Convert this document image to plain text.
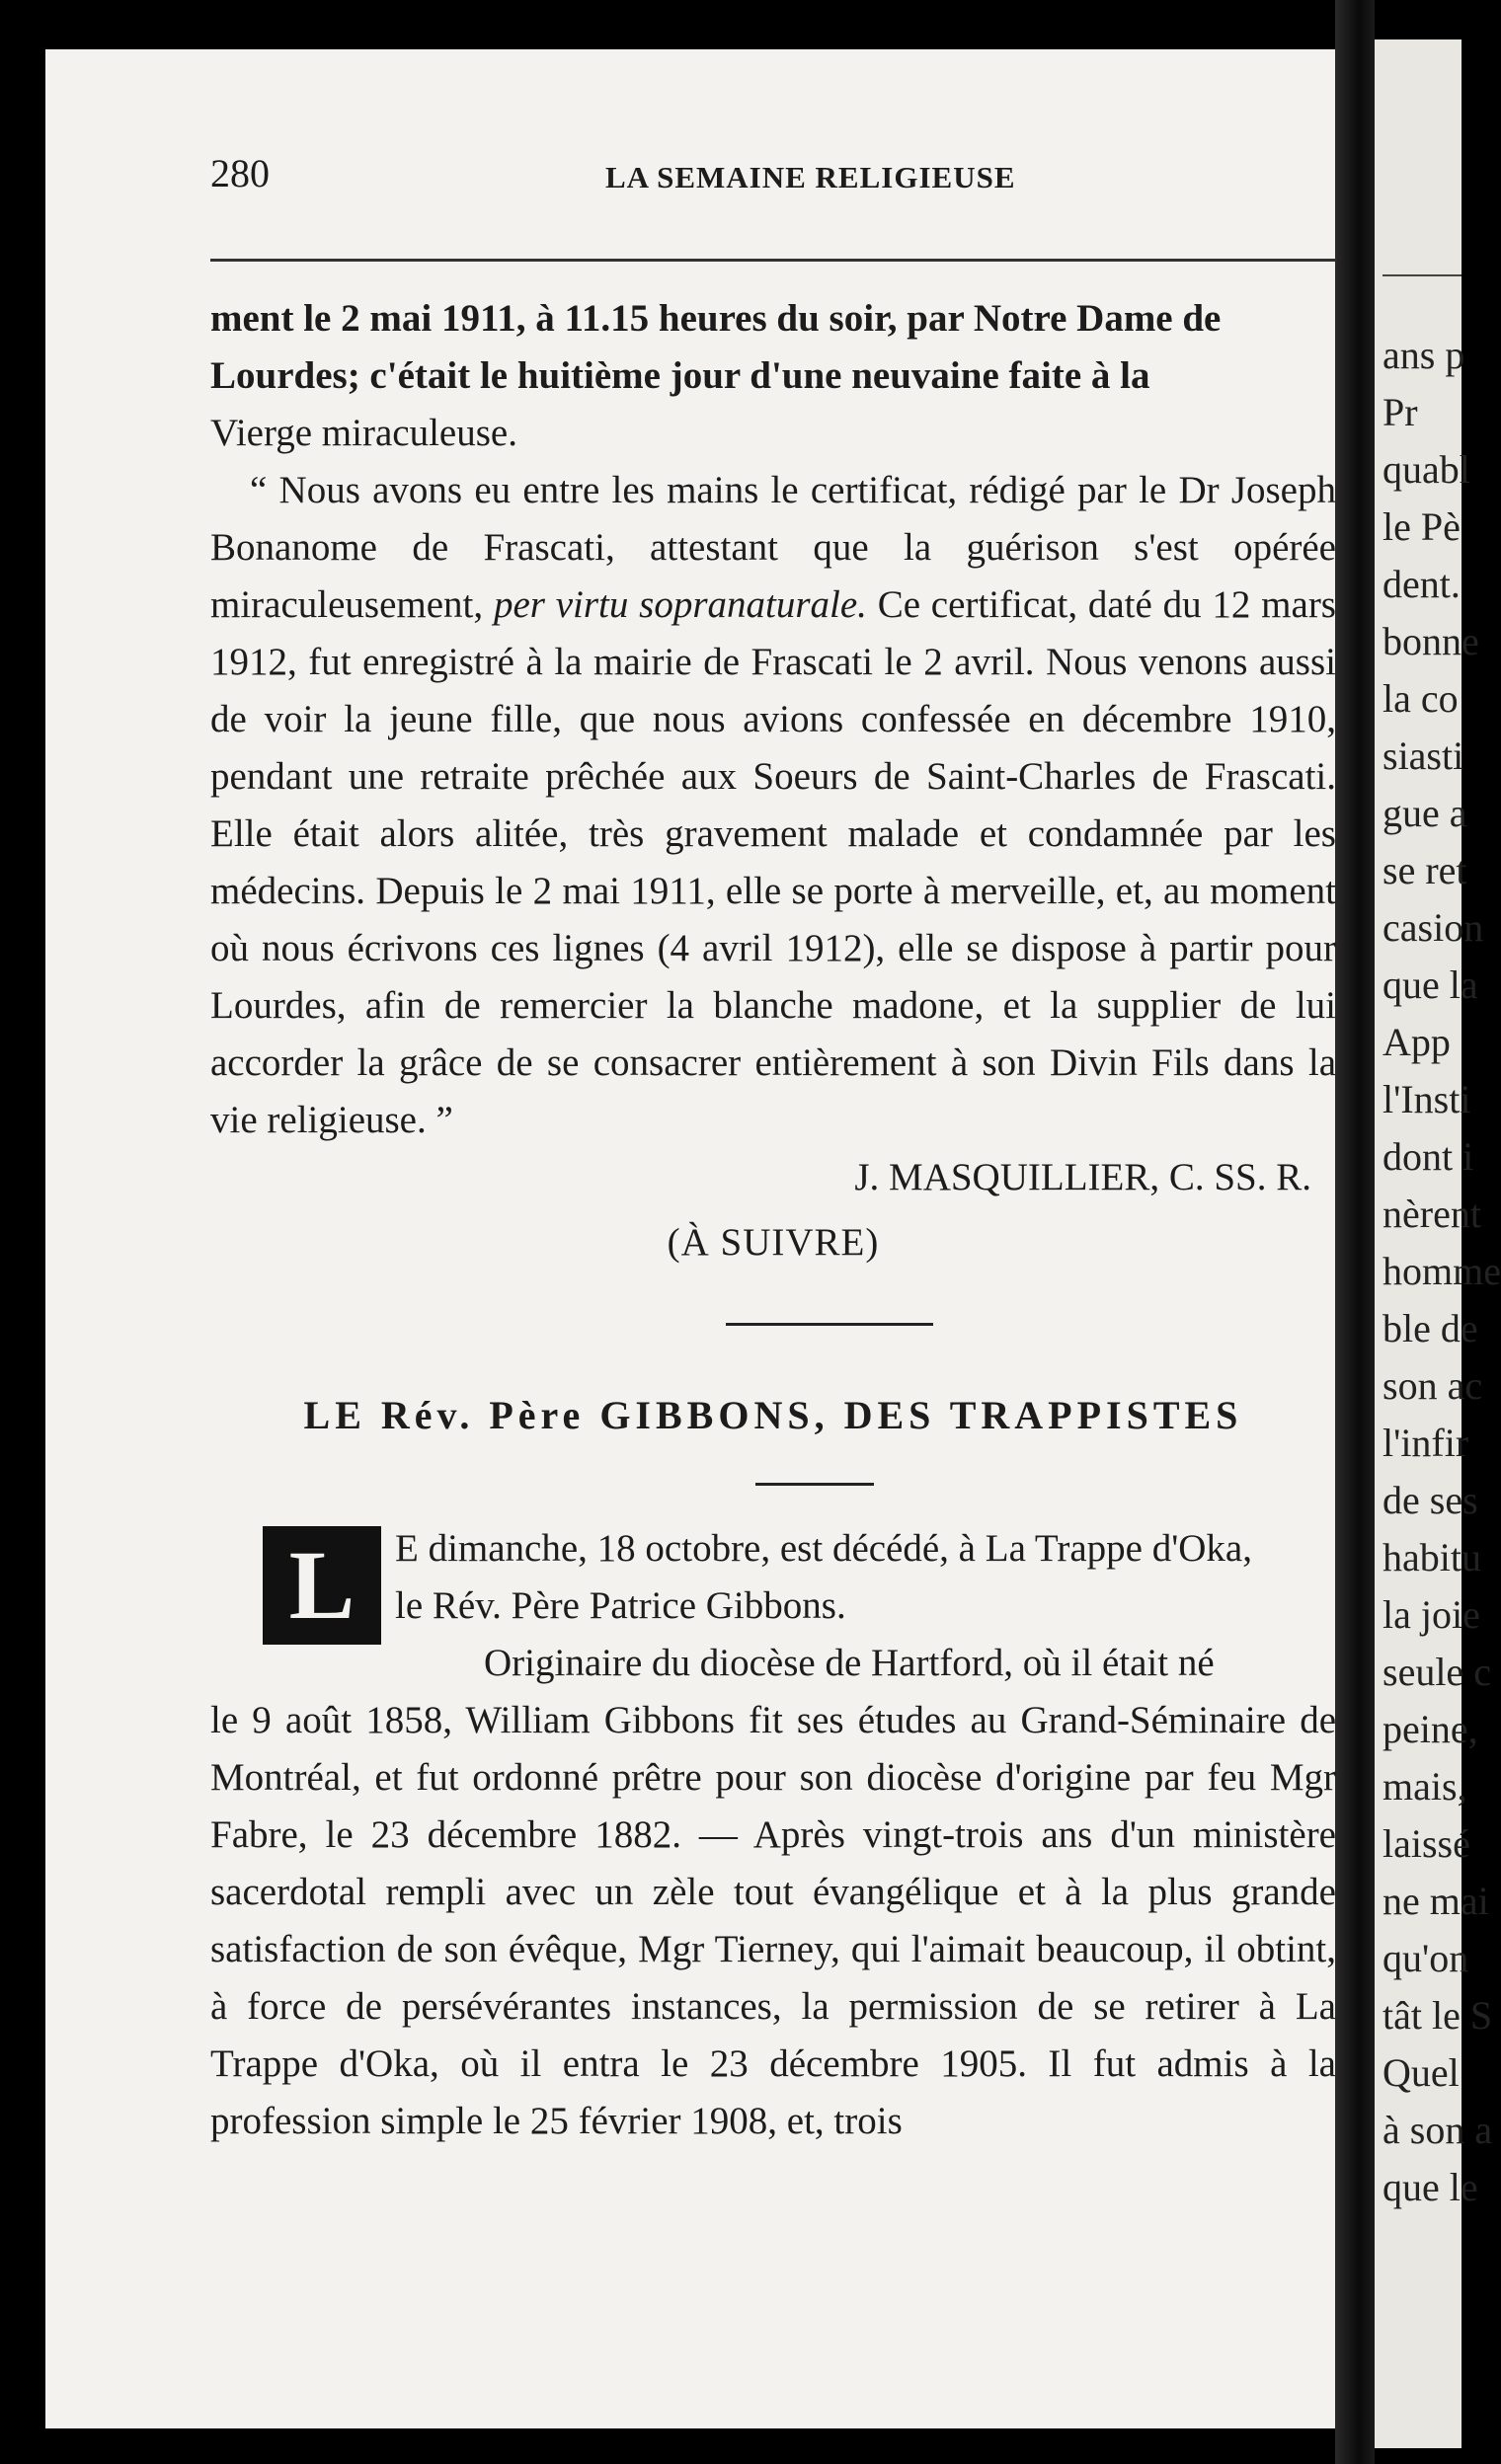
ans p
Pr
quabl
le Pè
dent.
bonne
la co
siasti
gue a
se ret
casion
que la
App
l'Insti
dont i
nèrent
homme
ble de
son ac
l'infir
de ses
habitu
la joie
seule c
peine,
mais,
laissé
ne mai
qu'on
tât le S
Quel
à son a
que le
280	LA SEMAINE RELIGIEUSE

ment le 2 mai 1911, à 11.15 heures du soir, par Notre Dame de

Lourdes; c'était le huitième jour d'une neuvaine faite à la

Vierge miraculeuse.

“ Nous avons eu entre les mains le certificat, rédigé par le Dr Joseph Bonanome de Frascati, attestant que la guérison s'est opérée miraculeusement, per virtu sopranaturale. Ce certificat, daté du 12 mars 1912, fut enregistré à la mairie de Frascati le 2 avril. Nous venons aussi de voir la jeune fille, que nous avions confessée en décembre 1910, pendant une retraite prêchée aux Soeurs de Saint-Charles de Frascati. Elle était alors alitée, très gravement malade et condamnée par les médecins. Depuis le 2 mai 1911, elle se porte à merveille, et, au moment où nous écrivons ces lignes (4 avril 1912), elle se dispose à partir pour Lourdes, afin de remercier la blanche madone, et la supplier de lui accorder la grâce de se consacrer entièrement à son Divin Fils dans la vie religieuse. ”

J. MASQUILLIER, C. SS. R.

(À SUIVRE)

LE Rév. Père GIBBONS, DES TRAPPISTES
L	E dimanche, 18 octobre, est décédé, à La Trappe d'Oka,

le Rév. Père Patrice Gibbons.

Originaire du diocèse de Hartford, où il était né

le 9 août 1858, William Gibbons fit ses études au Grand-Séminaire de Montréal, et fut ordonné prêtre pour son diocèse d'origine par feu Mgr Fabre, le 23 décembre 1882. — Après vingt-trois ans d'un ministère sacerdotal rempli avec un zèle tout évangélique et à la plus grande satisfaction de son évêque, Mgr Tierney, qui l'aimait beaucoup, il obtint, à force de persévérantes instances, la permission de se retirer à La Trappe d'Oka, où il entra le 23 décembre 1905. Il fut admis à la profession simple le 25 février 1908, et, trois
